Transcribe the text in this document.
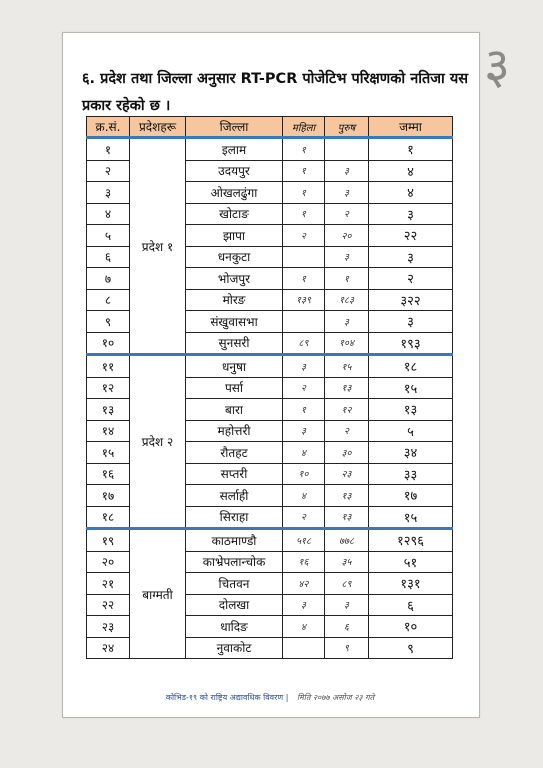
३
६. प्रदेश तथा जिल्ला अनुसार RT-PCR पोजेटिभ परिक्षणको नतिजा यस प्रकार रहेको छ ।
क्र.सं.	प्रदेशहरू	जिल्ला	महिला	पुरुष	जम्मा
१	प्रदेश १	इलाम	१		१
२		उदयपुर	१	३	४
३		ओखलढुंगा	१	३	४
४		खोटाङ	१	२	३
५		झापा	२	२०	२२
६		धनकुटा		३	३
७		भोजपुर	१	१	२
८		मोरङ	१३९	१८३	३२२
९		संखुवासभा		३	३
१०		सुनसरी	८९	१०४	१९३
११	प्रदेश २	धनुषा	३	१५	१८
१२		पर्सा	२	१३	१५
१३		बारा	१	१२	१३
१४		महोत्तरी	३	२	५
१५		रौतहट	४	३०	३४
१६		सप्तरी	१०	२३	३३
१७		सर्लाही	४	१३	१७
१८		सिराहा	२	१३	१५
१९	बाग्मती	काठमाण्डौ	५१८	७७८	१२९६
२०		काभ्रेपलान्चोक	१६	३५	५१
२१		चितवन	४२	८९	१३१
२२		दोलखा	३	३	६
२३		धादिङ	४	६	१०
२४		नुवाकोट		९	९
कोभिड-१९ को राष्ट्रिय अद्यावधिक विवरण | मिति २०७७ असोज २३ गते
